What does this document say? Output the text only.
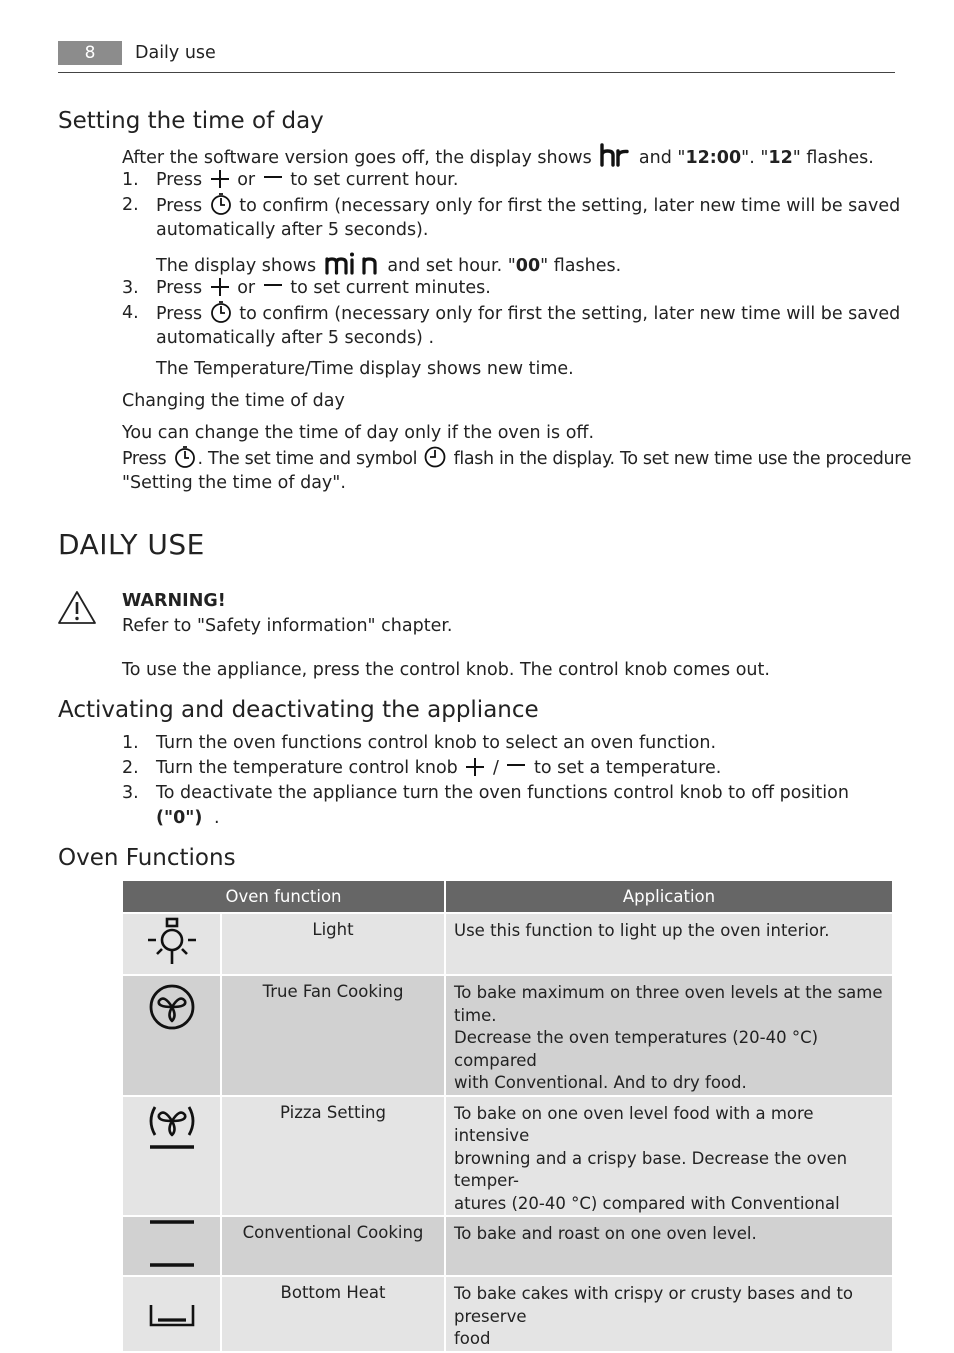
8	Daily use
Setting the time of day
After the software version goes off, the display shows	and "12:00". "12" flashes.
1. Press or to set current hour.
2. Press to confirm (necessary only for first the setting, later new time will be saved
automatically after 5 seconds).
The display shows	and set hour. "00" flashes.
3. Press or to set current minutes.
4. Press to confirm (necessary only for first the setting, later new time will be saved
automatically after 5 seconds) .
The Temperature/Time display shows new time.
Changing the time of day
You can change the time of day only if the oven is off.
Press . The set time and symbol flash in the display. To set new time use the procedure
"Setting the time of day".
DAILY USE
WARNING!
Refer to "Safety information" chapter.
To use the appliance, press the control knob. The control knob comes out.
Activating and deactivating the appliance
1. Turn the oven functions control knob to select an oven function.
2. Turn the temperature control knob / to set a temperature.
3. To deactivate the appliance turn the oven functions control knob to off position
("0") .
Oven Functions
Oven function		Application
	Light	Use this function to light up the oven interior.

	True Fan Cooking	To bake maximum on three oven levels at the same time.
Decrease the oven temperatures (20-40 °C) compared
with Conventional. And to dry food.

	Pizza Setting	To bake on one oven level food with a more intensive
browning and a crispy base. Decrease the oven temper-
atures (20-40 °C) compared with Conventional

	Conventional Cooking	To bake and roast on one oven level.

	Bottom Heat	To bake cakes with crispy or crusty bases and to preserve
food
